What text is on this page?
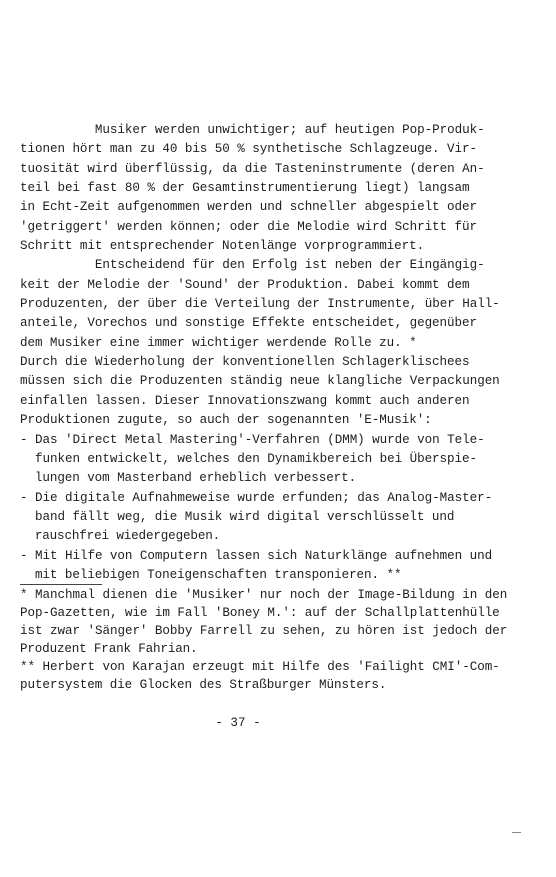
Musiker werden unwichtiger; auf heutigen Pop-Produk-
tionen hört man zu 40 bis 50 % synthetische Schlagzeuge. Vir-
tuosität wird überflüssig, da die Tasteninstrumente (deren An-
teil bei fast 80 % der Gesamtinstrumentierung liegt) langsam
in Echt-Zeit aufgenommen werden und schneller abgespielt oder
'getriggert' werden können; oder die Melodie wird Schritt für
Schritt mit entsprechender Notenlänge vorprogrammiert.
Entscheidend für den Erfolg ist neben der Eingängig-
keit der Melodie der 'Sound' der Produktion. Dabei kommt dem
Produzenten, der über die Verteilung der Instrumente, über Hall-
anteile, Vorechos und sonstige Effekte entscheidet, gegenüber
dem Musiker eine immer wichtiger werdende Rolle zu. *
Durch die Wiederholung der konventionellen Schlagerklischees
müssen sich die Produzenten ständig neue klangliche Verpackungen
einfallen lassen. Dieser Innovationszwang kommt auch anderen
Produktionen zugute, so auch der sogenannten 'E-Musik':
- Das 'Direct Metal Mastering'-Verfahren (DMM) wurde von Tele-
funken entwickelt, welches den Dynamikbereich bei Überspie-
lungen vom Masterband erheblich verbessert.
- Die digitale Aufnahmeweise wurde erfunden; das Analog-Master-
band fällt weg, die Musik wird digital verschlüsselt und
rauschfrei wiedergegeben.
- Mit Hilfe von Computern lassen sich Naturklänge aufnehmen und
mit beliebigen Toneigenschaften transponieren. **
* Manchmal dienen die 'Musiker' nur noch der Image-Bildung in den
Pop-Gazetten, wie im Fall 'Boney M.': auf der Schallplattenhülle
ist zwar 'Sänger' Bobby Farrell zu sehen, zu hören ist jedoch der
Produzent Frank Fahrian.
** Herbert von Karajan erzeugt mit Hilfe des 'Failight CMI'-Com-
putersystem die Glocken des Straßburger Münsters.
- 37 -
